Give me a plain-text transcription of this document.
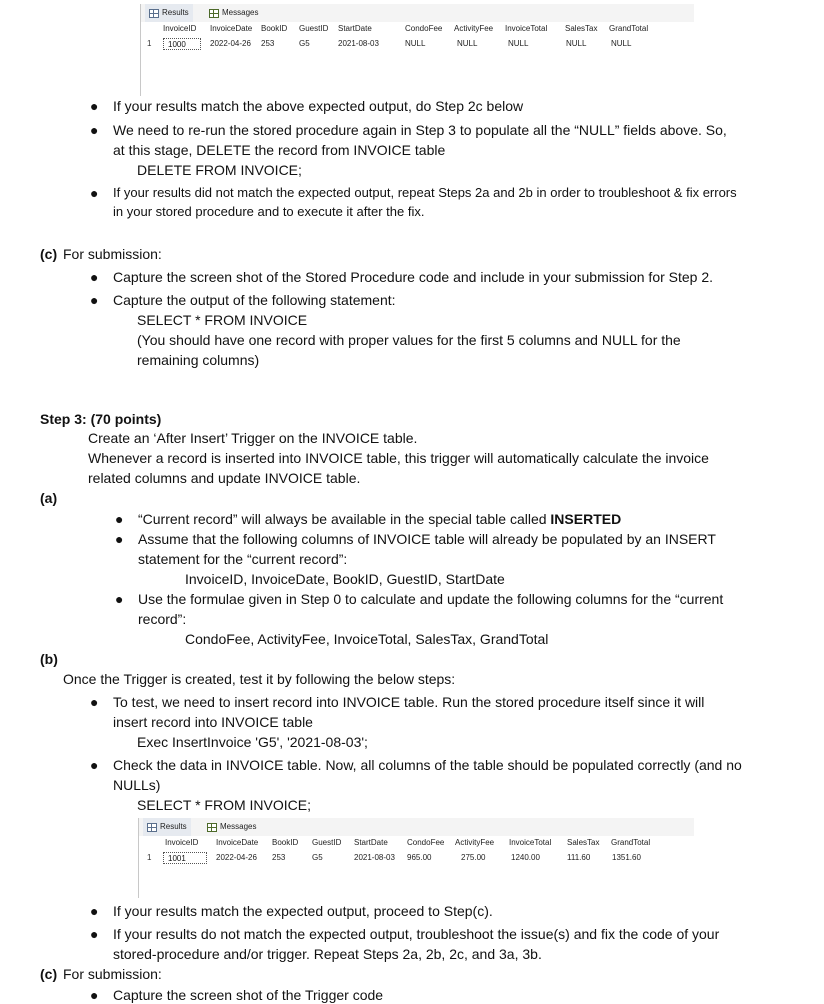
Results	Messages
InvoiceID InvoiceDate BookID GuestID StartDate	CondoFee ActivityFee InvoiceTotal SalesTax GrandTotal
1	1000	2022-04-26 253	G5	2021-08-03	NULL	NULL	NULL	NULL	NULL
● If your results match the above expected output, do Step 2c below
● We need to re-run the stored procedure again in Step 3 to populate all the “NULL” fields above. So,
at this stage, DELETE the record from INVOICE table
DELETE FROM INVOICE;
● If your results did not match the expected output, repeat Steps 2a and 2b in order to troubleshoot & fix errors
in your stored procedure and to execute it after the fix.
(c) For submission:
● Capture the screen shot of the Stored Procedure code and include in your submission for Step 2.
● Capture the output of the following statement:
SELECT * FROM INVOICE
(You should have one record with proper values for the first 5 columns and NULL for the
remaining columns)
Step 3: (70 points)
Create an ‘After Insert’ Trigger on the INVOICE table.
Whenever a record is inserted into INVOICE table, this trigger will automatically calculate the invoice
related columns and update INVOICE table.
(a)
● “Current record” will always be available in the special table called INSERTED
● Assume that the following columns of INVOICE table will already be populated by an INSERT
statement for the “current record”:
InvoiceID, InvoiceDate, BookID, GuestID, StartDate
● Use the formulae given in Step 0 to calculate and update the following columns for the “current
record”:
CondoFee, ActivityFee, InvoiceTotal, SalesTax, GrandTotal
(b)
Once the Trigger is created, test it by following the below steps:
● To test, we need to insert record into INVOICE table. Run the stored procedure itself since it will
insert record into INVOICE table
Exec InsertInvoice 'G5', '2021-08-03';
● Check the data in INVOICE table. Now, all columns of the table should be populated correctly (and no
NULLs)
SELECT * FROM INVOICE;
Results	Messages
InvoiceID InvoiceDate BookID GuestID StartDate CondoFee ActivityFee InvoiceTotal SalesTax GrandTotal
1	1001	2022-04-26 253	G5	2021-08-03 965.00	275.00	1240.00	111.60	1351.60
● If your results match the expected output, proceed to Step(c).
● If your results do not match the expected output, troubleshoot the issue(s) and fix the code of your
stored-procedure and/or trigger. Repeat Steps 2a, 2b, 2c, and 3a, 3b.
(c) For submission:
● Capture the screen shot of the Trigger code
